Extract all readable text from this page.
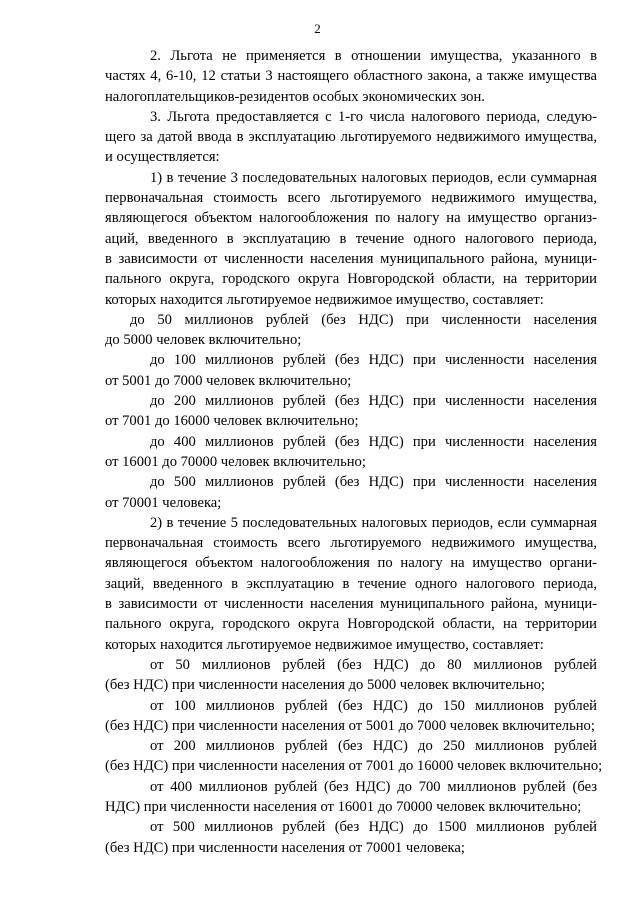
2
2. Льгота не применяется в отношении имущества, указанного в
частях 4, 6-10, 12 статьи 3 настоящего областного закона, а также имущества
налогоплательщиков-резидентов особых экономических зон.
3. Льгота предоставляется с 1-го числа налогового периода, следую-
щего за датой ввода в эксплуатацию льготируемого недвижимого имущества,
и осуществляется:
1) в течение 3 последовательных налоговых периодов, если суммарная
первоначальная стоимость всего льготируемого недвижимого имущества,
являющегося объектом налогообложения по налогу на имущество организ-
аций, введенного в эксплуатацию в течение одного налогового периода,
в зависимости от численности населения муниципального района, муници-
пального округа, городского округа Новгородской области, на территории
которых находится льготируемое недвижимое имущество, составляет:
до 50 миллионов рублей (без НДС) при численности населения
до 5000 человек включительно;
до 100 миллионов рублей (без НДС) при численности населения
от 5001 до 7000 человек включительно;
до 200 миллионов рублей (без НДС) при численности населения
от 7001 до 16000 человек включительно;
до 400 миллионов рублей (без НДС) при численности населения
от 16001 до 70000 человек включительно;
до 500 миллионов рублей (без НДС) при численности населения
от 70001 человека;
2) в течение 5 последовательных налоговых периодов, если суммарная
первоначальная стоимость всего льготируемого недвижимого имущества,
являющегося объектом налогообложения по налогу на имущество органи-
заций, введенного в эксплуатацию в течение одного налогового периода,
в зависимости от численности населения муниципального района, муници-
пального округа, городского округа Новгородской области, на территории
которых находится льготируемое недвижимое имущество, составляет:
от 50 миллионов рублей (без НДС) до 80 миллионов рублей
(без НДС) при численности населения до 5000 человек включительно;
от 100 миллионов рублей (без НДС) до 150 миллионов рублей
(без НДС) при численности населения от 5001 до 7000 человек включительно;
от 200 миллионов рублей (без НДС) до 250 миллионов рублей
(без НДС) при численности населения от 7001 до 16000 человек включительно;
от 400 миллионов рублей (без НДС) до 700 миллионов рублей (без
НДС) при численности населения от 16001 до 70000 человек включительно;
от 500 миллионов рублей (без НДС) до 1500 миллионов рублей
(без НДС) при численности населения от 70001 человека;
